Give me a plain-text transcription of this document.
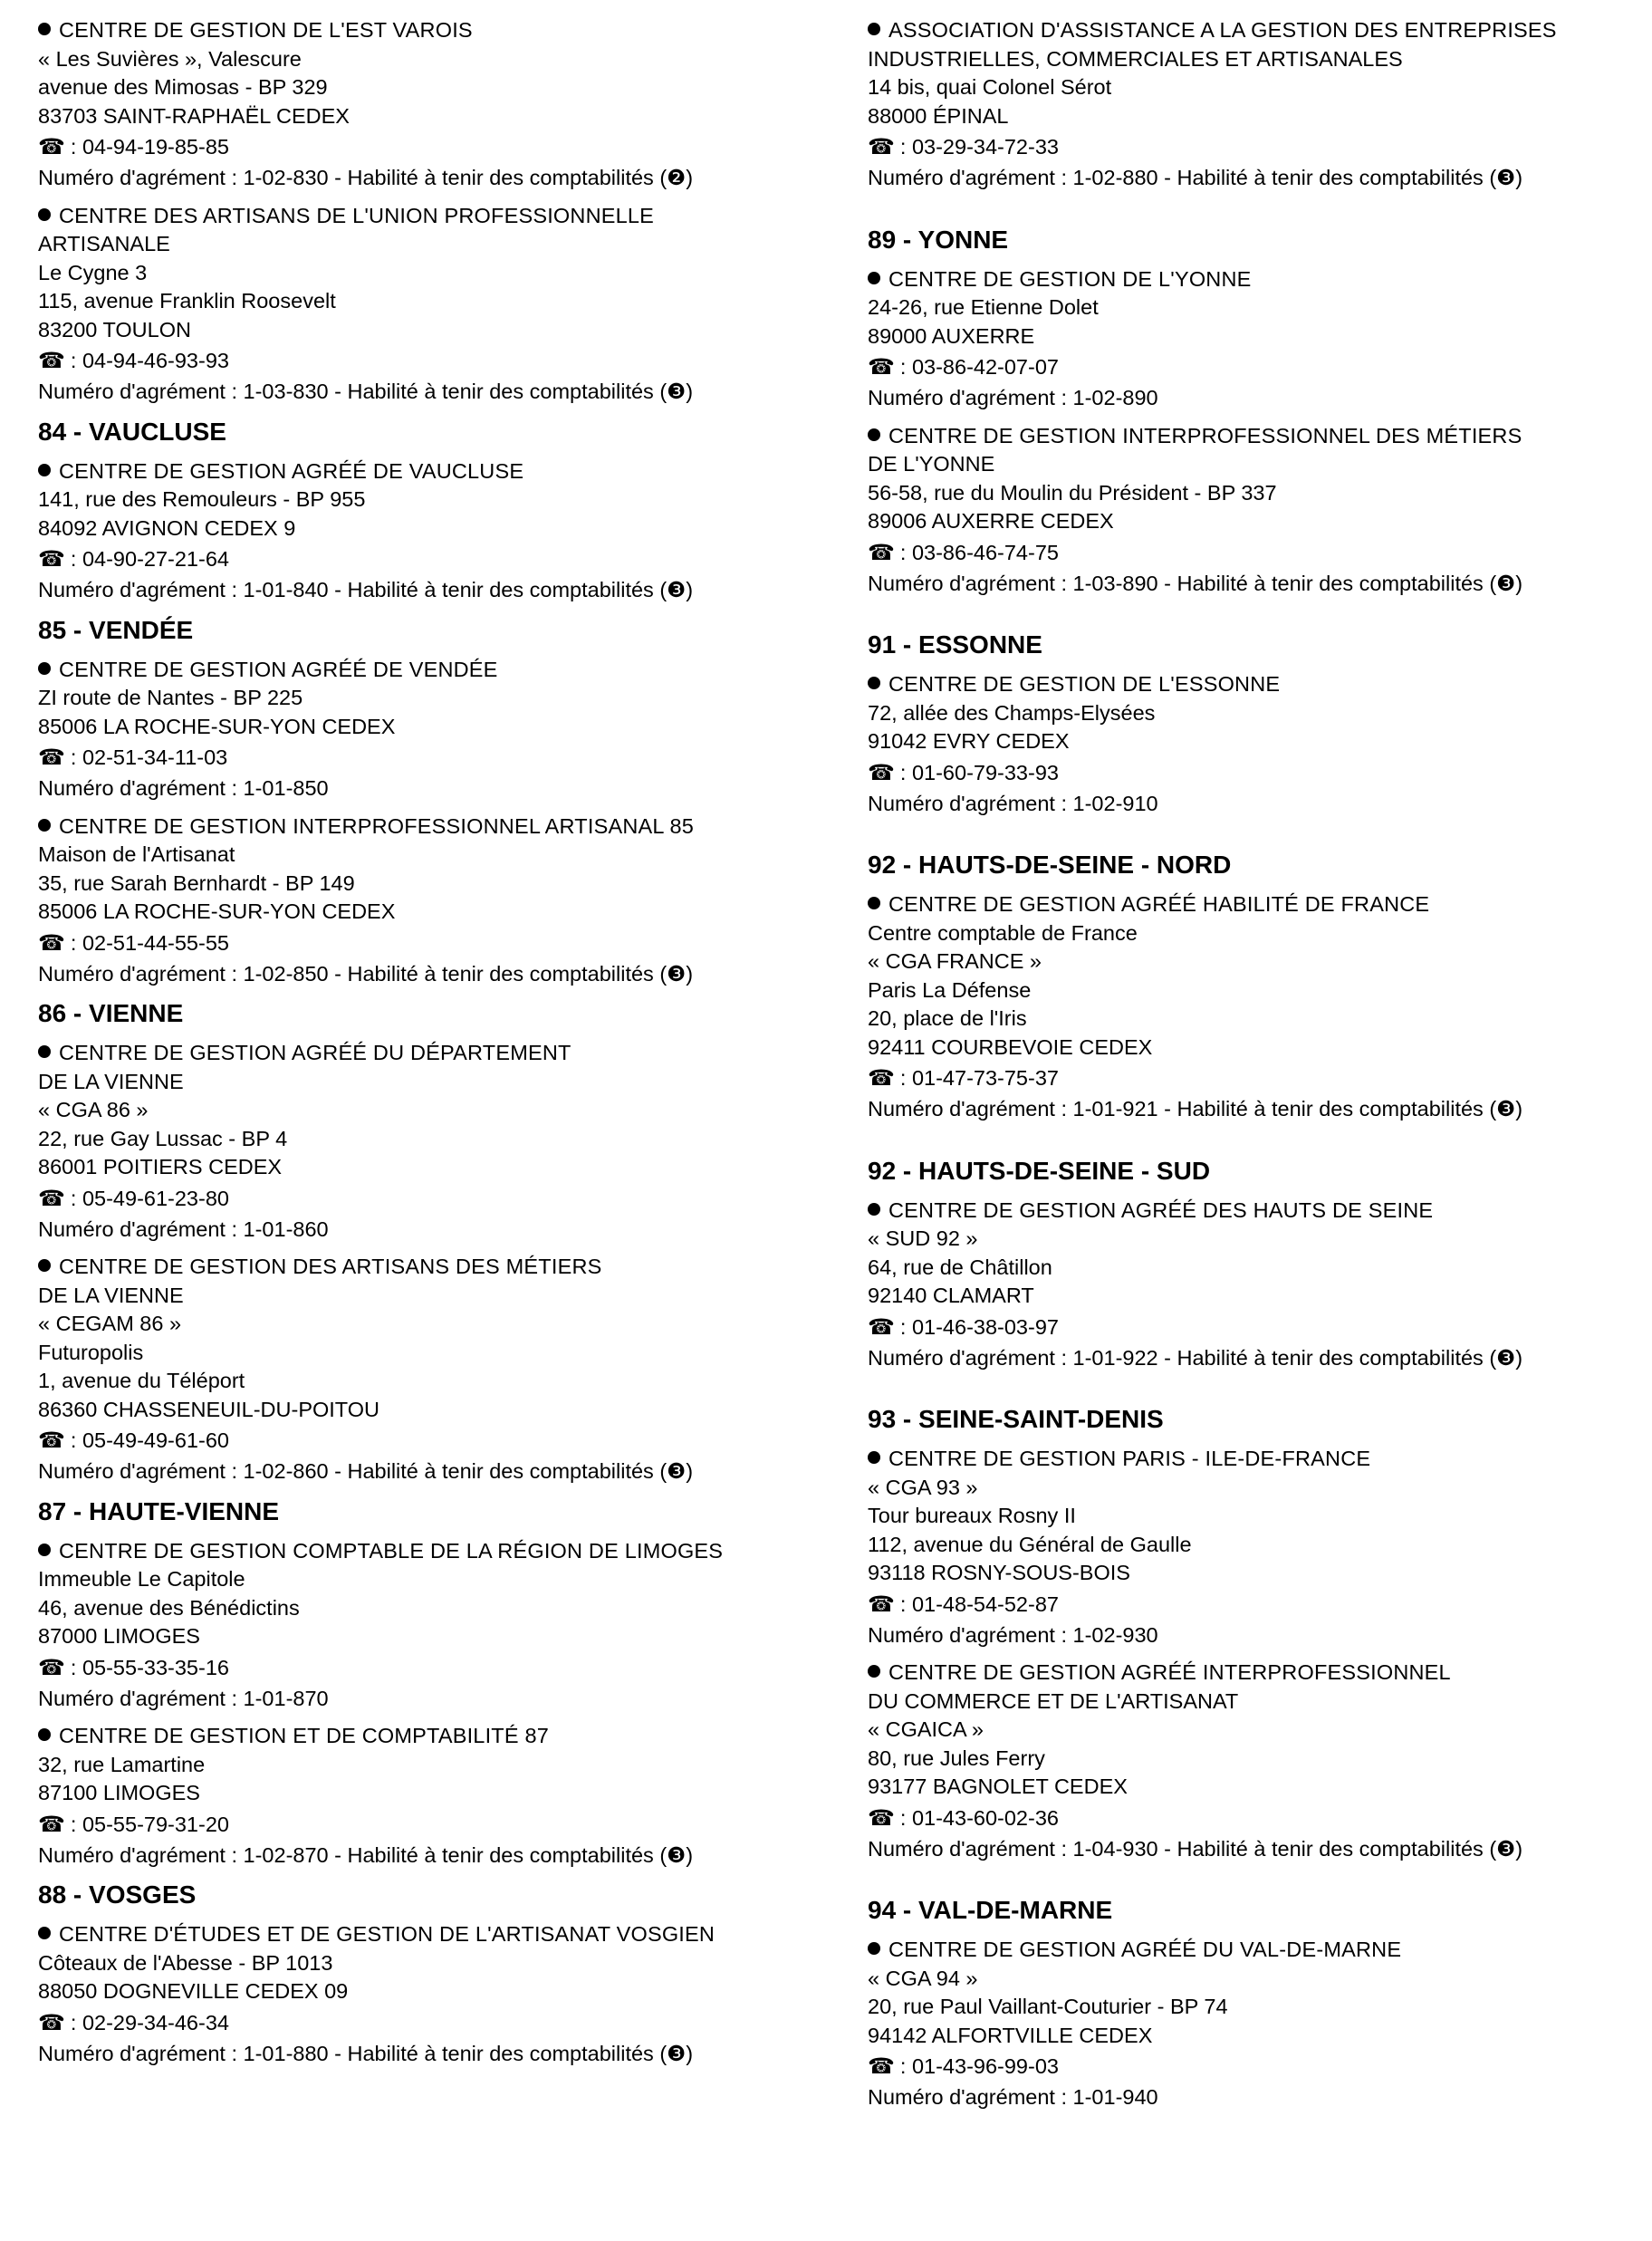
CENTRE DE GESTION DE L'EST VAROIS
« Les Suvières », Valescure
avenue des Mimosas - BP 329
83703 SAINT-RAPHAËL CEDEX
☎ : 04-94-19-85-85
Numéro d'agrément : 1-02-830 - Habilité à tenir des comptabilités (❷)
CENTRE DES ARTISANS DE L'UNION PROFESSIONNELLE
ARTISANALE
Le Cygne 3
115, avenue Franklin Roosevelt
83200 TOULON
☎ : 04-94-46-93-93
Numéro d'agrément : 1-03-830 - Habilité à tenir des comptabilités (❸)
84 - VAUCLUSE
CENTRE DE GESTION AGRÉÉ DE VAUCLUSE
141, rue des Remouleurs - BP 955
84092 AVIGNON CEDEX 9
☎ : 04-90-27-21-64
Numéro d'agrément : 1-01-840 - Habilité à tenir des comptabilités (❸)
85 - VENDÉE
CENTRE DE GESTION AGRÉÉ DE VENDÉE
ZI route de Nantes - BP 225
85006 LA ROCHE-SUR-YON CEDEX
☎ : 02-51-34-11-03
Numéro d'agrément : 1-01-850
CENTRE DE GESTION INTERPROFESSIONNEL ARTISANAL 85
Maison de l'Artisanat
35, rue Sarah Bernhardt - BP 149
85006 LA ROCHE-SUR-YON CEDEX
☎ : 02-51-44-55-55
Numéro d'agrément : 1-02-850 - Habilité à tenir des comptabilités (❸)
86 - VIENNE
CENTRE DE GESTION AGRÉÉ DU DÉPARTEMENT
DE LA VIENNE
« CGA 86 »
22, rue Gay Lussac - BP 4
86001 POITIERS CEDEX
☎ : 05-49-61-23-80
Numéro d'agrément : 1-01-860
CENTRE DE GESTION DES ARTISANS DES MÉTIERS
DE LA VIENNE
« CEGAM 86 »
Futuropolis
1, avenue du Téléport
86360 CHASSENEUIL-DU-POITOU
☎ : 05-49-49-61-60
Numéro d'agrément : 1-02-860 - Habilité à tenir des comptabilités (❸)
87 - HAUTE-VIENNE
CENTRE DE GESTION COMPTABLE DE LA RÉGION DE LIMOGES
Immeuble Le Capitole
46, avenue des Bénédictins
87000 LIMOGES
☎ : 05-55-33-35-16
Numéro d'agrément : 1-01-870
CENTRE DE GESTION ET DE COMPTABILITÉ 87
32, rue Lamartine
87100 LIMOGES
☎ : 05-55-79-31-20
Numéro d'agrément : 1-02-870 - Habilité à tenir des comptabilités (❸)
88 - VOSGES
CENTRE D'ÉTUDES ET DE GESTION DE L'ARTISANAT VOSGIEN
Côteaux de l'Abesse - BP 1013
88050 DOGNEVILLE CEDEX 09
☎ : 02-29-34-46-34
Numéro d'agrément : 1-01-880 - Habilité à tenir des comptabilités (❸)
ASSOCIATION D'ASSISTANCE A LA GESTION DES ENTREPRISES
INDUSTRIELLES, COMMERCIALES ET ARTISANALES
14 bis, quai Colonel Sérot
88000 ÉPINAL
☎ : 03-29-34-72-33
Numéro d'agrément : 1-02-880 - Habilité à tenir des comptabilités (❸)
89 - YONNE
CENTRE DE GESTION DE L'YONNE
24-26, rue Etienne Dolet
89000 AUXERRE
☎ : 03-86-42-07-07
Numéro d'agrément : 1-02-890
CENTRE DE GESTION INTERPROFESSIONNEL DES MÉTIERS
DE L'YONNE
56-58, rue du Moulin du Président - BP 337
89006 AUXERRE CEDEX
☎ : 03-86-46-74-75
Numéro d'agrément : 1-03-890 - Habilité à tenir des comptabilités (❸)
91 - ESSONNE
CENTRE DE GESTION DE L'ESSONNE
72, allée des Champs-Elysées
91042 EVRY CEDEX
☎ : 01-60-79-33-93
Numéro d'agrément : 1-02-910
92 - HAUTS-DE-SEINE - NORD
CENTRE DE GESTION AGRÉÉ HABILITÉ DE FRANCE
Centre comptable de France
« CGA FRANCE »
Paris La Défense
20, place de l'Iris
92411 COURBEVOIE CEDEX
☎ : 01-47-73-75-37
Numéro d'agrément : 1-01-921 - Habilité à tenir des comptabilités (❸)
92 - HAUTS-DE-SEINE - SUD
CENTRE DE GESTION AGRÉÉ DES HAUTS DE SEINE
« SUD 92 »
64, rue de Châtillon
92140 CLAMART
☎ : 01-46-38-03-97
Numéro d'agrément : 1-01-922 - Habilité à tenir des comptabilités (❸)
93 - SEINE-SAINT-DENIS
CENTRE DE GESTION PARIS - ILE-DE-FRANCE
« CGA 93 »
Tour bureaux Rosny II
112, avenue du Général de Gaulle
93118 ROSNY-SOUS-BOIS
☎ : 01-48-54-52-87
Numéro d'agrément : 1-02-930
CENTRE DE GESTION AGRÉÉ INTERPROFESSIONNEL
DU COMMERCE ET DE L'ARTISANAT
« CGAICA »
80, rue Jules Ferry
93177 BAGNOLET CEDEX
☎ : 01-43-60-02-36
Numéro d'agrément : 1-04-930 - Habilité à tenir des comptabilités (❸)
94 - VAL-DE-MARNE
CENTRE DE GESTION AGRÉÉ DU VAL-DE-MARNE
« CGA 94 »
20, rue Paul Vaillant-Couturier - BP 74
94142 ALFORTVILLE CEDEX
☎ : 01-43-96-99-03
Numéro d'agrément : 1-01-940
